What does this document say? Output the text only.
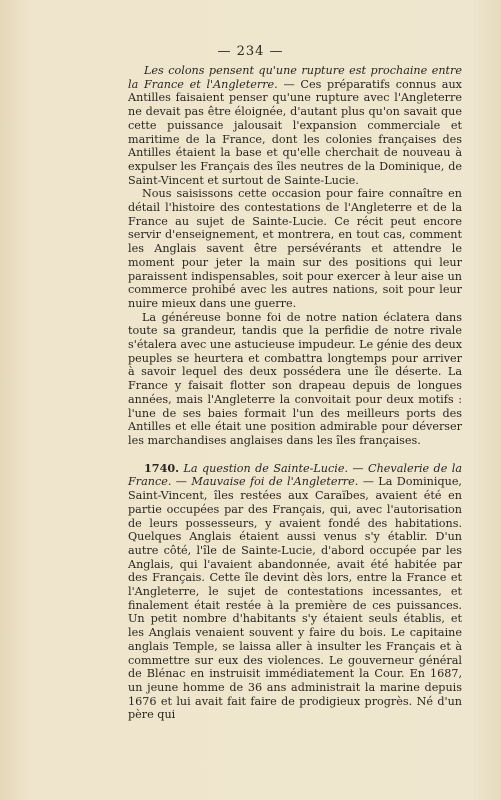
— 234 —

Les colons pensent qu'une rupture est prochaine entre la France et l'Angleterre. — Ces préparatifs connus aux Antilles faisaient penser qu'une rupture avec l'Angleterre ne devait pas être éloignée, d'autant plus qu'on savait que cette puissance jalousait l'expansion commerciale et maritime de la France, dont les colonies françaises des Antilles étaient la base et qu'elle cherchait de nouveau à expulser les Français des îles neutres de la Dominique, de Saint-Vincent et surtout de Sainte-Lucie.

Nous saisissons cette occasion pour faire connaître en détail l'histoire des contestations de l'Angleterre et de la France au sujet de Sainte-Lucie. Ce récit peut encore servir d'enseignement, et montrera, en tout cas, comment les Anglais savent être persévérants et attendre le moment pour jeter la main sur des positions qui leur paraissent indispensables, soit pour exercer à leur aise un commerce prohibé avec les autres nations, soit pour leur nuire mieux dans une guerre.

La généreuse bonne foi de notre nation éclatera dans toute sa grandeur, tandis que la perfidie de notre rivale s'étalera avec une astucieuse impudeur. Le génie des deux peuples se heurtera et combattra longtemps pour arriver à savoir lequel des deux possédera une île déserte. La France y faisait flotter son drapeau depuis de longues années, mais l'Angleterre la convoitait pour deux motifs : l'une de ses baies formait l'un des meilleurs ports des Antilles et elle était une position admirable pour déverser les marchandises anglaises dans les îles françaises.

1740. La question de Sainte-Lucie. — Chevalerie de la France. — Mauvaise foi de l'Angleterre. — La Dominique, Saint-Vincent, îles restées aux Caraïbes, avaient été en partie occupées par des Français, qui, avec l'autorisation de leurs possesseurs, y avaient fondé des habitations. Quelques Anglais étaient aussi venus s'y établir. D'un autre côté, l'île de Sainte-Lucie, d'abord occupée par les Anglais, qui l'avaient abandonnée, avait été habitée par des Français. Cette île devint dès lors, entre la France et l'Angleterre, le sujet de contestations incessantes, et finalement était restée à la première de ces puissances. Un petit nombre d'habitants s'y étaient seuls établis, et les Anglais venaient souvent y faire du bois. Le capitaine anglais Temple, se laissa aller à insulter les Français et à commettre sur eux des violences. Le gouverneur général de Blénac en instruisit immédiatement la Cour. En 1687, un jeune homme de 36 ans administrait la marine depuis 1676 et lui avait fait faire de prodigieux progrès. Né d'un père qui
